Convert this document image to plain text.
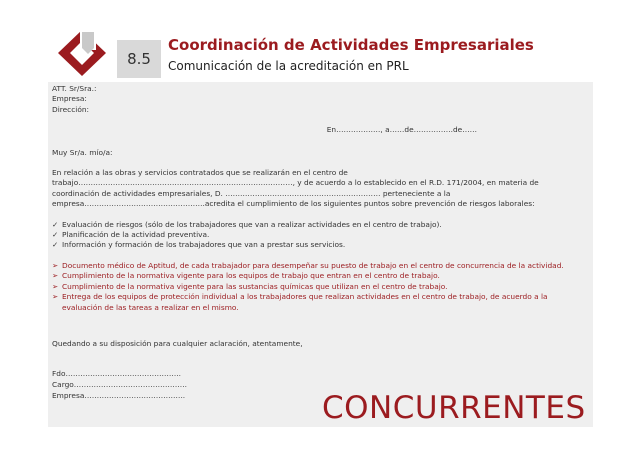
8.5
Coordinación de Actividades Empresariales
Comunicación de la acreditación en PRL

ATT. Sr/Sra.:

Empresa:

Dirección:

En………………, a……de…………….de……

Muy Sr/a. mío/a:

En relación a las obras y servicios contratados que se realizarán en el centro de trabajo……………………………………………………………………………, y de acuerdo a lo establecido en el R.D. 171/2004, en materia de coordinación de actividades empresariales, D. ……………………………………………………… perteneciente a la empresa………………………………………….acredita el cumplimiento de los siguientes puntos sobre prevención de riesgos laborales:

✓ Evaluación de riesgos (sólo de los trabajadores que van a realizar actividades en el centro de trabajo).
✓ Planificación de la actividad preventiva.
✓ Información y formación de los trabajadores que van a prestar sus servicios.
➢ Documento médico de Aptitud, de cada trabajador para desempeñar su puesto de trabajo en el centro de concurrencia de la actividad.
➢ Cumplimiento de la normativa vigente para los equipos de trabajo que entran en el centro de trabajo.
➢ Cumplimiento de la normativa vigente para las sustancias químicas que utilizan en el centro de trabajo.
➢ Entrega de los equipos de protección individual a los trabajadores que realizan actividades en el centro de trabajo, de acuerdo a la evaluación de las tareas a realizar en el mismo.

Quedando a su disposición para cualquier aclaración, atentamente,

Fdo………………………………………..

Cargo……………………………………….

Empresa…………………………………..	CONCURRENTES
